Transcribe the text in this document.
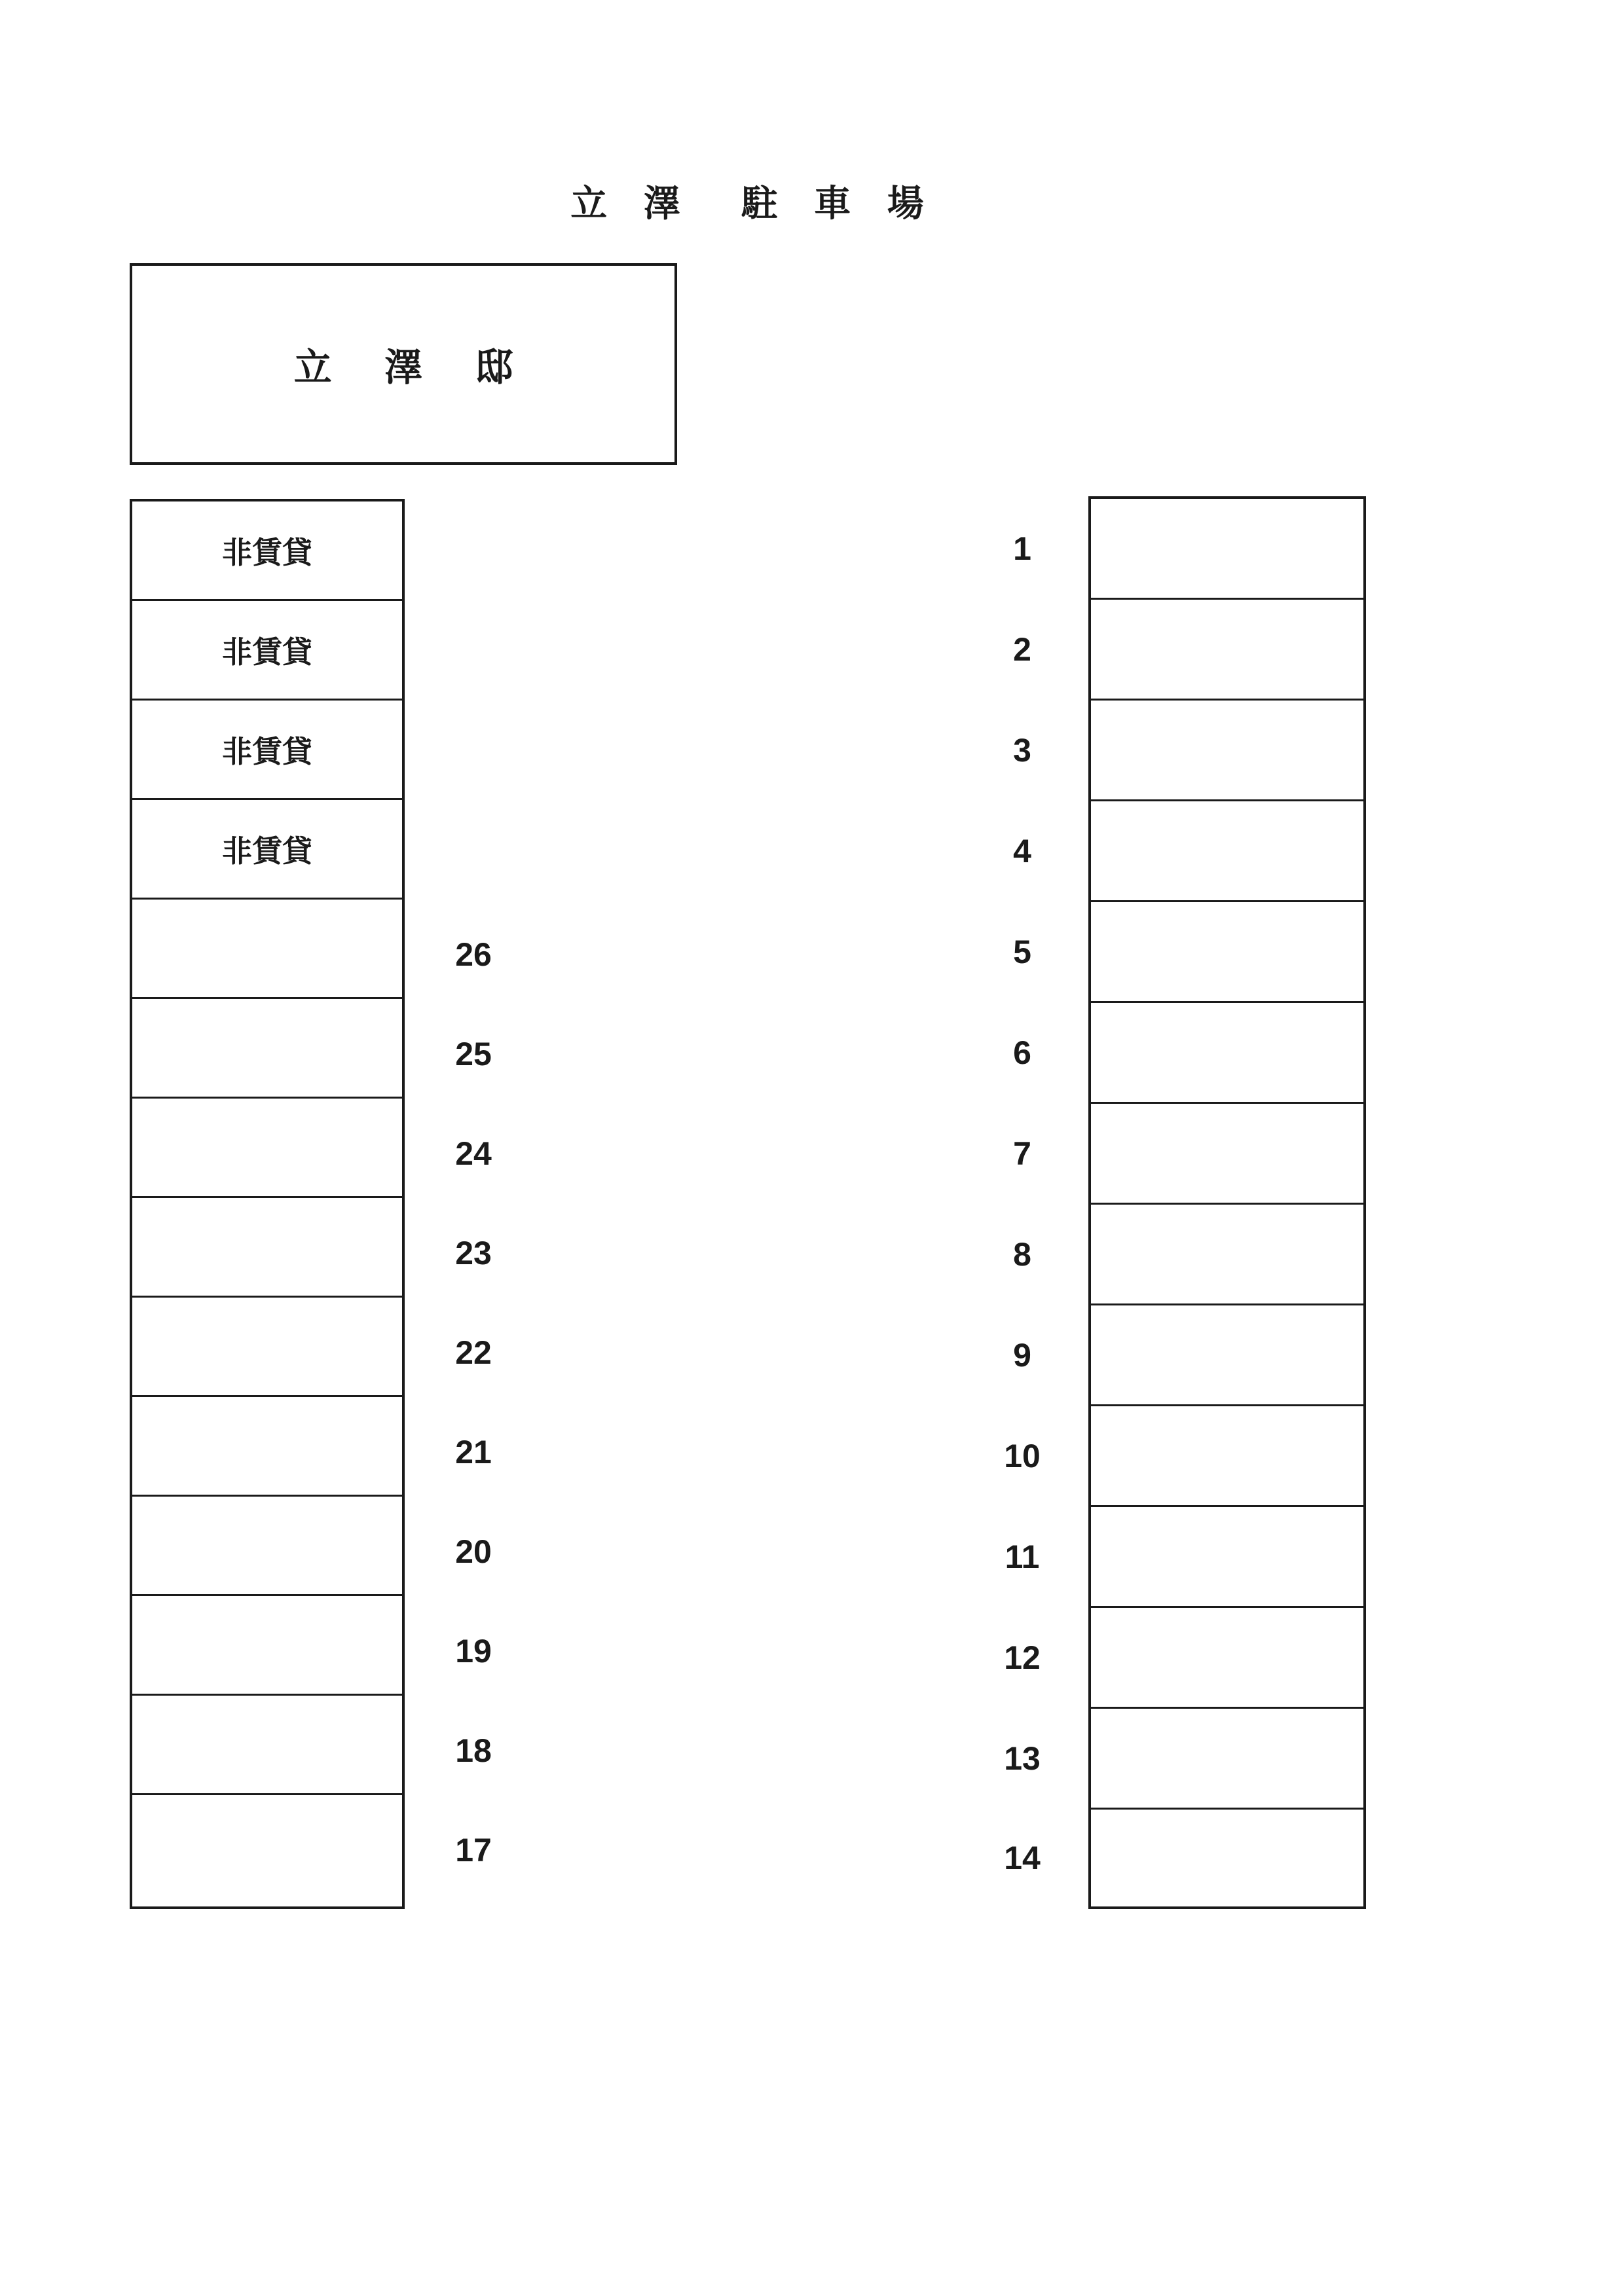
立 澤  駐 車 場
立 澤 邸
非賃貸
非賃貸
非賃貸
非賃貸
26
25
24
23
22
21
20
19
18
17
1
2
3
4
5
6
7
8
9
10
11
12
13
14
